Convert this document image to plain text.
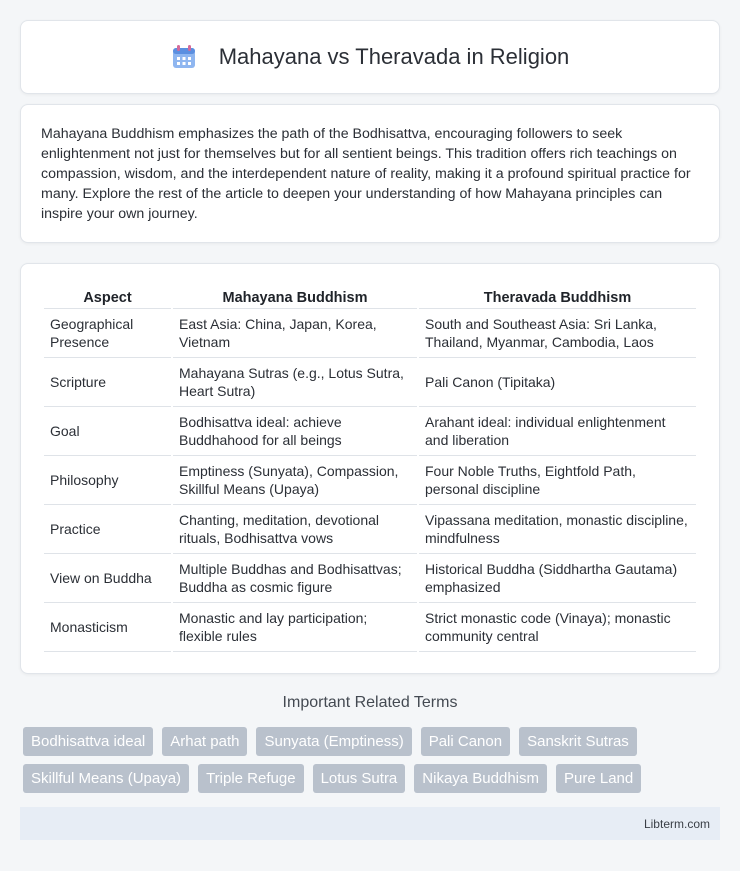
Mahayana vs Theravada in Religion

Mahayana Buddhism emphasizes the path of the Bodhisattva, encouraging followers to seek enlightenment not just for themselves but for all sentient beings. This tradition offers rich teachings on compassion, wisdom, and the interdependent nature of reality, making it a profound spiritual practice for many. Explore the rest of the article to deepen your understanding of how Mahayana principles can inspire your own journey.

Aspect	Mahayana Buddhism	Theravada Buddhism
Geographical Presence	East Asia: China, Japan, Korea, Vietnam	South and Southeast Asia: Sri Lanka, Thailand, Myanmar, Cambodia, Laos
Scripture	Mahayana Sutras (e.g., Lotus Sutra, Heart Sutra)	Pali Canon (Tipitaka)
Goal	Bodhisattva ideal: achieve Buddhahood for all beings	Arahant ideal: individual enlightenment and liberation
Philosophy	Emptiness (Sunyata), Compassion, Skillful Means (Upaya)	Four Noble Truths, Eightfold Path, personal discipline
Practice	Chanting, meditation, devotional rituals, Bodhisattva vows	Vipassana meditation, monastic discipline, mindfulness
View on Buddha	Multiple Buddhas and Bodhisattvas; Buddha as cosmic figure	Historical Buddha (Siddhartha Gautama) emphasized
Monasticism	Monastic and lay participation; flexible rules	Strict monastic code (Vinaya); monastic community central
Important Related Terms
Bodhisattva ideal	Arhat path	Sunyata (Emptiness)	Pali Canon	Sanskrit Sutras
Skillful Means (Upaya)	Triple Refuge	Lotus Sutra	Nikaya Buddhism	Pure Land
Libterm.com
